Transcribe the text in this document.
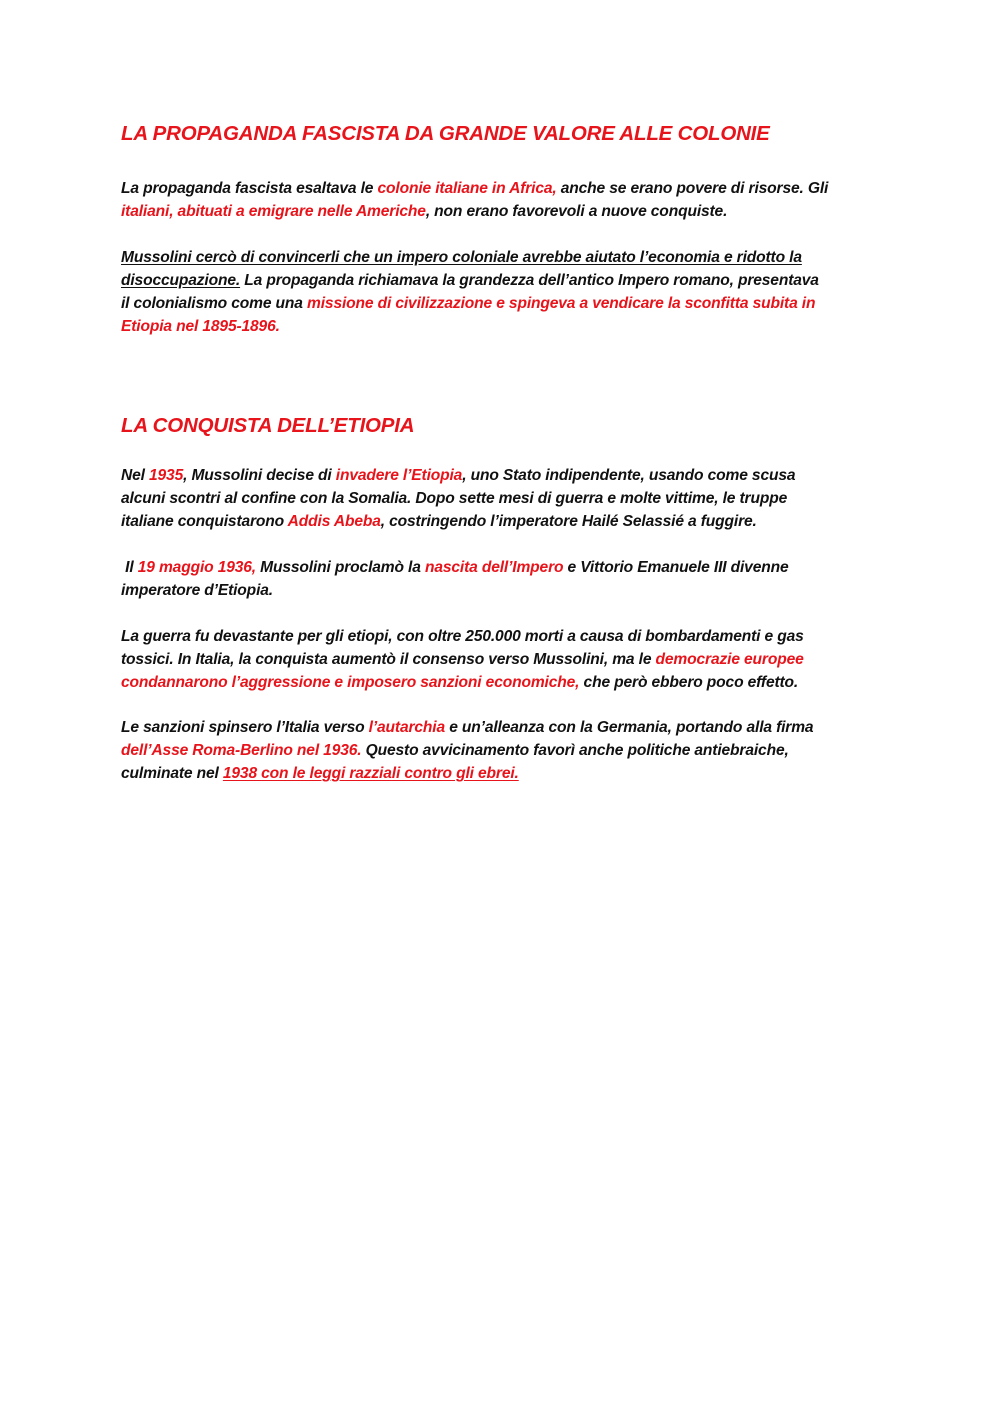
LA PROPAGANDA FASCISTA DA GRANDE VALORE ALLE COLONIE

La propaganda fascista esaltava le colonie italiane in Africa, anche se erano povere di risorse. Gli
italiani, abituati a emigrare nelle Americhe, non erano favorevoli a nuove conquiste.

Mussolini cercò di convincerli che un impero coloniale avrebbe aiutato l’economia e ridotto la
disoccupazione. La propaganda richiamava la grandezza dell’antico Impero romano, presentava
il colonialismo come una missione di civilizzazione e spingeva a vendicare la sconfitta subita in
Etiopia nel 1895-1896.

LA CONQUISTA DELL’ETIOPIA

Nel 1935, Mussolini decise di invadere l’Etiopia, uno Stato indipendente, usando come scusa
alcuni scontri al confine con la Somalia. Dopo sette mesi di guerra e molte vittime, le truppe
italiane conquistarono Addis Abeba, costringendo l’imperatore Hailé Selassié a fuggire.

Il 19 maggio 1936, Mussolini proclamò la nascita dell’Impero e Vittorio Emanuele III divenne
imperatore d’Etiopia.

La guerra fu devastante per gli etiopi, con oltre 250.000 morti a causa di bombardamenti e gas
tossici. In Italia, la conquista aumentò il consenso verso Mussolini, ma le democrazie europee
condannarono l’aggressione e imposero sanzioni economiche, che però ebbero poco effetto.

Le sanzioni spinsero l’Italia verso l’autarchia e un’alleanza con la Germania, portando alla firma
dell’Asse Roma-Berlino nel 1936. Questo avvicinamento favorì anche politiche antiebraiche,
culminate nel 1938 con le leggi razziali contro gli ebrei.
